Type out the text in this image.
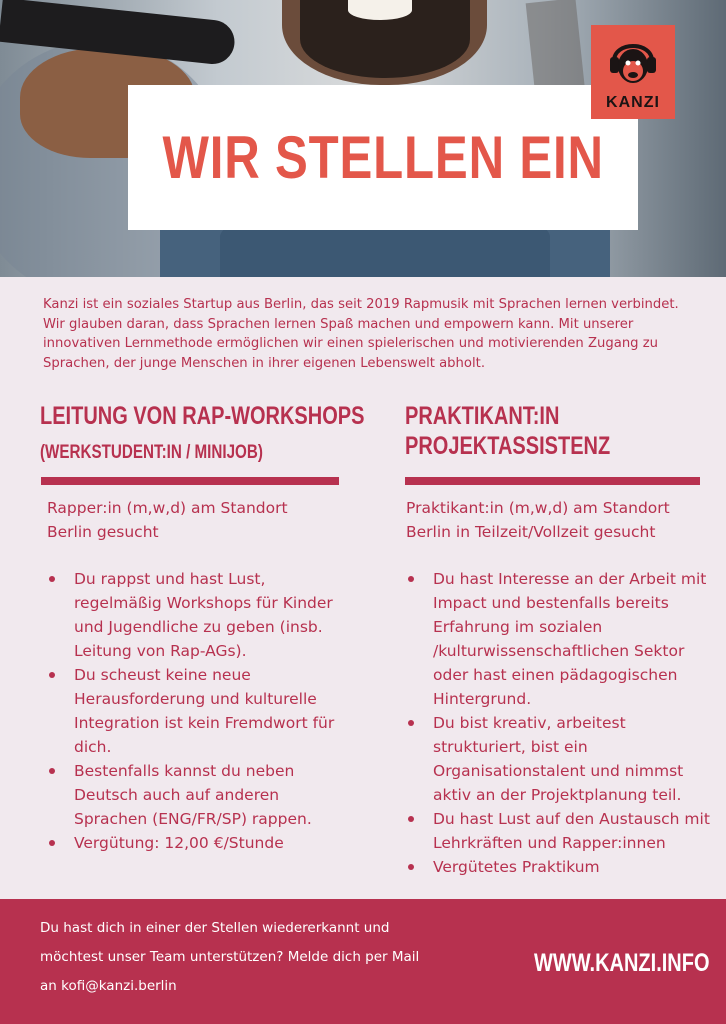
WIR STELLEN EIN
KANZI

Kanzi ist ein soziales Startup aus Berlin, das seit 2019 Rapmusik mit Sprachen lernen verbindet. Wir glauben daran, dass Sprachen lernen Spaß machen und empowern kann. Mit unserer innovativen Lernmethode ermöglichen wir einen spielerischen und motivierenden Zugang zu Sprachen, der junge Menschen in ihrer eigenen Lebenswelt abholt.

LEITUNG VON RAP-WORKSHOPS
(WERKSTUDENT:IN / MINIJOB)
PRAKTIKANT:IN
PROJEKTASSISTENZ

Rapper:in (m,w,d) am Standort Berlin gesucht

Praktikant:in (m,w,d) am Standort Berlin in Teilzeit/Vollzeit gesucht

Du rappst und hast Lust, regelmäßig Workshops für Kinder und Jugendliche zu geben (insb. Leitung von Rap-AGs).
Du scheust keine neue Herausforderung und kulturelle Integration ist kein Fremdwort für dich.
Bestenfalls kannst du neben Deutsch auch auf anderen Sprachen (ENG/FR/SP) rappen.
Vergütung: 12,00 €/Stunde
Du hast Interesse an der Arbeit mit Impact und bestenfalls bereits Erfahrung im sozialen /kulturwissenschaftlichen Sektor oder hast einen pädagogischen Hintergrund.
Du bist kreativ, arbeitest strukturiert, bist ein Organisationstalent und nimmst aktiv an der Projektplanung teil.
Du hast Lust auf den Austausch mit Lehrkräften und Rapper:innen
Vergütetes Praktikum

Du hast dich in einer der Stellen wiedererkannt und möchtest unser Team unterstützen? Melde dich per Mail an kofi@kanzi.berlin

WWW.KANZI.INFO
